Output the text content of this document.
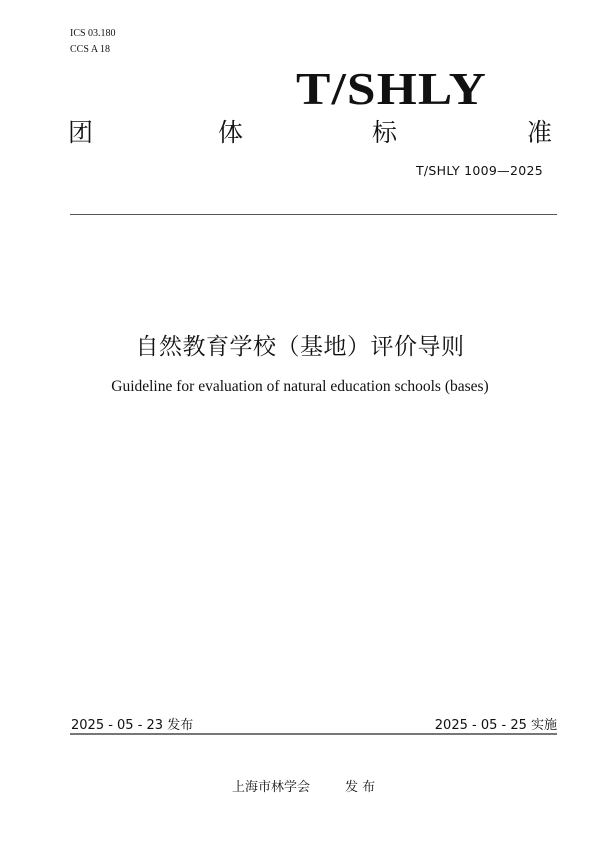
ICS 03.180
CCS A 18
T/SHLY
团	体	标	准
T/SHLY 1009—2025
自然教育学校（基地）评价导则
Guideline for evaluation of natural education schools (bases)
2025 - 05 - 23 发布	2025 - 05 - 25 实施
上海市林学会	发 布
